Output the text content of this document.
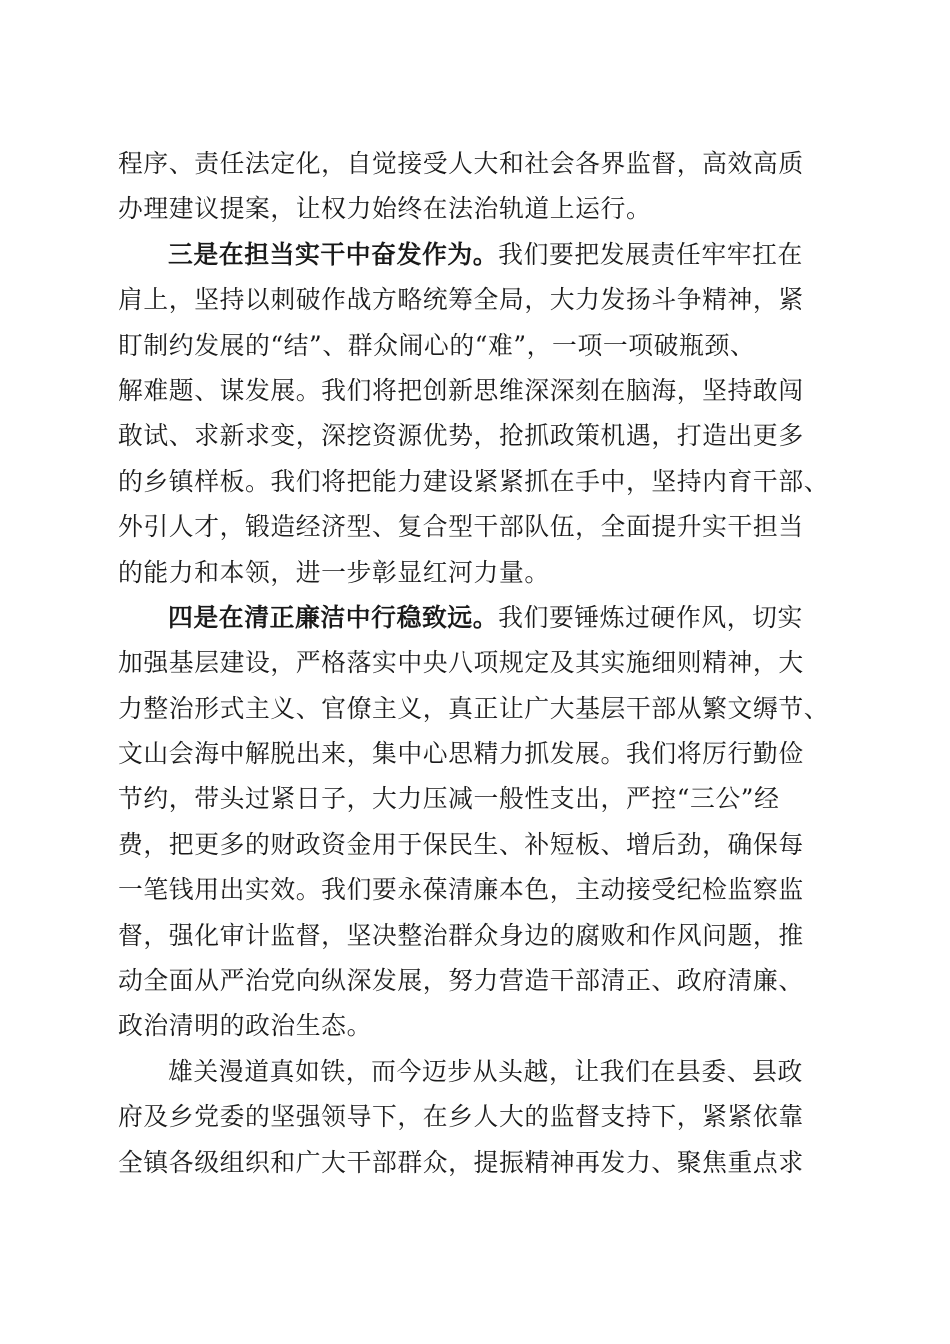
程序、责任法定化，自觉接受人大和社会各界监督，高效高质
办理建议提案，让权力始终在法治轨道上运行。
三是在担当实干中奋发作为。我们要把发展责任牢牢扛在
肩上，坚持以刺破作战方略统筹全局，大力发扬斗争精神，紧
盯制约发展的“结”、群众闹心的“难”，一项一项破瓶颈、
解难题、谋发展。我们将把创新思维深深刻在脑海，坚持敢闯
敢试、求新求变，深挖资源优势，抢抓政策机遇，打造出更多
的乡镇样板。我们将把能力建设紧紧抓在手中，坚持内育干部、
外引人才，锻造经济型、复合型干部队伍，全面提升实干担当
的能力和本领，进一步彰显红河力量。
四是在清正廉洁中行稳致远。我们要锤炼过硬作风，切实
加强基层建设，严格落实中央八项规定及其实施细则精神，大
力整治形式主义、官僚主义，真正让广大基层干部从繁文缛节、
文山会海中解脱出来，集中心思精力抓发展。我们将厉行勤俭
节约，带头过紧日子，大力压减一般性支出，严控“三公”经
费，把更多的财政资金用于保民生、补短板、增后劲，确保每
一笔钱用出实效。我们要永葆清廉本色，主动接受纪检监察监
督，强化审计监督，坚决整治群众身边的腐败和作风问题，推
动全面从严治党向纵深发展，努力营造干部清正、政府清廉、
政治清明的政治生态。
雄关漫道真如铁，而今迈步从头越，让我们在县委、县政
府及乡党委的坚强领导下，在乡人大的监督支持下，紧紧依靠
全镇各级组织和广大干部群众，提振精神再发力、聚焦重点求
